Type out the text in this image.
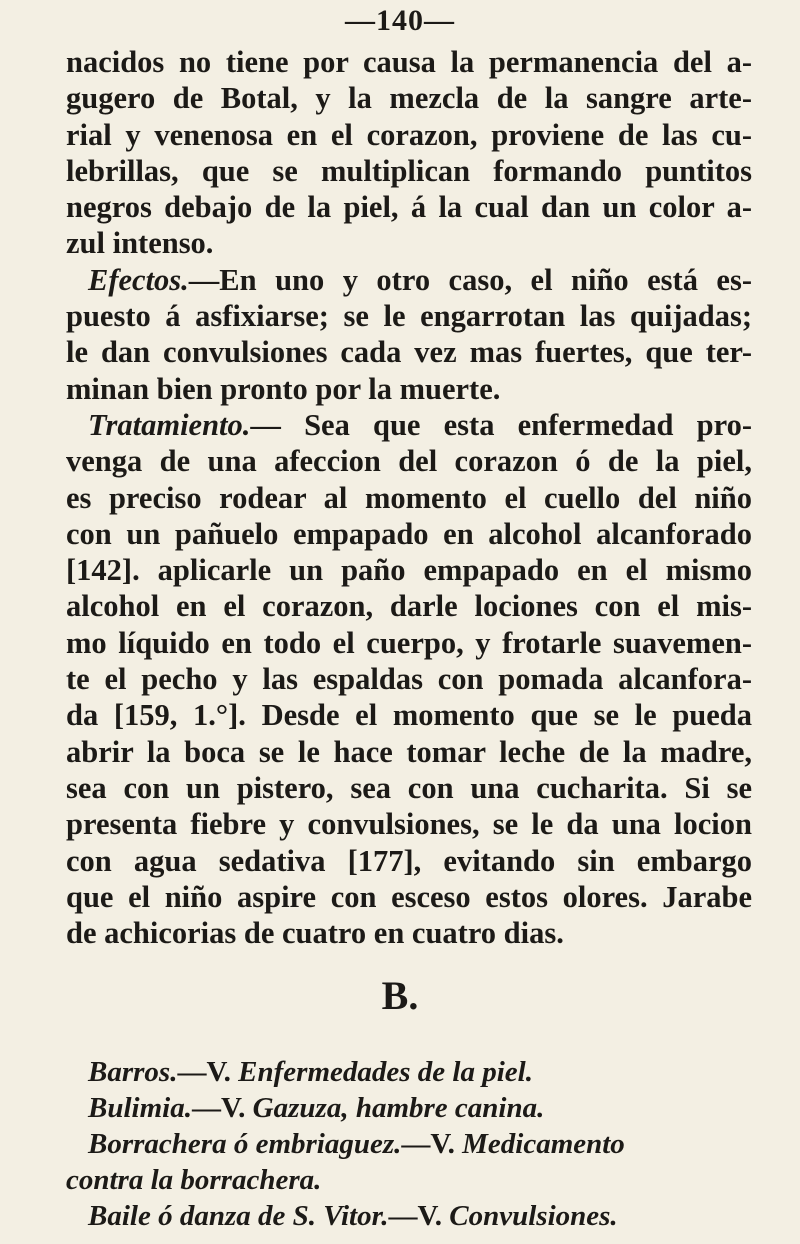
—140—
nacidos no tiene por causa la permanencia del a-
gugero de Botal, y la mezcla de la sangre arte-
rial y venenosa en el corazon, proviene de las cu-
lebrillas, que se multiplican formando puntitos
negros debajo de la piel, á la cual dan un color a-
zul intenso.
Efectos.—En uno y otro caso, el niño está es-
puesto á asfixiarse; se le engarrotan las quijadas;
le dan convulsiones cada vez mas fuertes, que ter-
minan bien pronto por la muerte.
Tratamiento.— Sea que esta enfermedad pro-
venga de una afeccion del corazon ó de la piel,
es preciso rodear al momento el cuello del niño
con un pañuelo empapado en alcohol alcanforado
[142]. aplicarle un paño empapado en el mismo
alcohol en el corazon, darle lociones con el mis-
mo líquido en todo el cuerpo, y frotarle suavemen-
te el pecho y las espaldas con pomada alcanfora-
da [159, 1.°]. Desde el momento que se le pueda
abrir la boca se le hace tomar leche de la madre,
sea con un pistero, sea con una cucharita. Si se
presenta fiebre y convulsiones, se le da una locion
con agua sedativa [177], evitando sin embargo
que el niño aspire con esceso estos olores. Jarabe
de achicorias de cuatro en cuatro dias.
B.
Barros.—V. Enfermedades de la piel.
Bulimia.—V. Gazuza, hambre canina.
Borrachera ó embriaguez.—V. Medicamento
contra la borrachera.
Baile ó danza de S. Vitor.—V. Convulsiones.
